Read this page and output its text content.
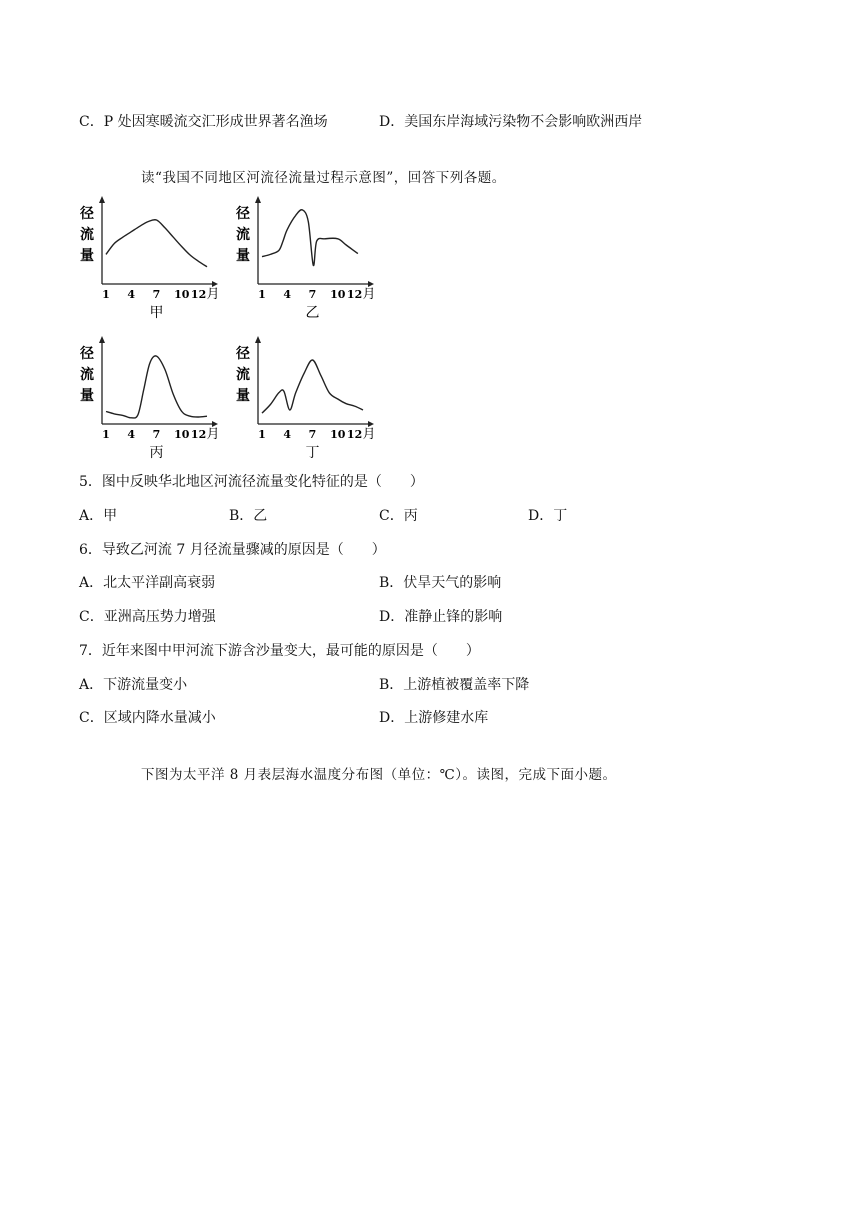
C．P 处因寒暖流交汇形成世界著名渔场	D．美国东岸海域污染物不会影响欧洲西岸
读“我国不同地区河流径流量过程示意图”，回答下列各题。
径
流
量
1 4 7 10 12 月
甲
径
流
量
1 4 7 10 12 月
乙
径
流
量
1 4 7 10 12 月
丙
径
流
量
1 4 7 10 12 月
丁
5．图中反映华北地区河流径流量变化特征的是（　　）
A．甲	B．乙	C．丙	D．丁
6．导致乙河流 7 月径流量骤减的原因是（　　）
A．北太平洋副高衰弱	B．伏旱天气的影响
C．亚洲高压势力增强	D．准静止锋的影响
7．近年来图中甲河流下游含沙量变大，最可能的原因是（　　）
A．下游流量变小	B．上游植被覆盖率下降
C．区域内降水量减小	D．上游修建水库
下图为太平洋 8 月表层海水温度分布图（单位：℃）。读图，完成下面小题。
